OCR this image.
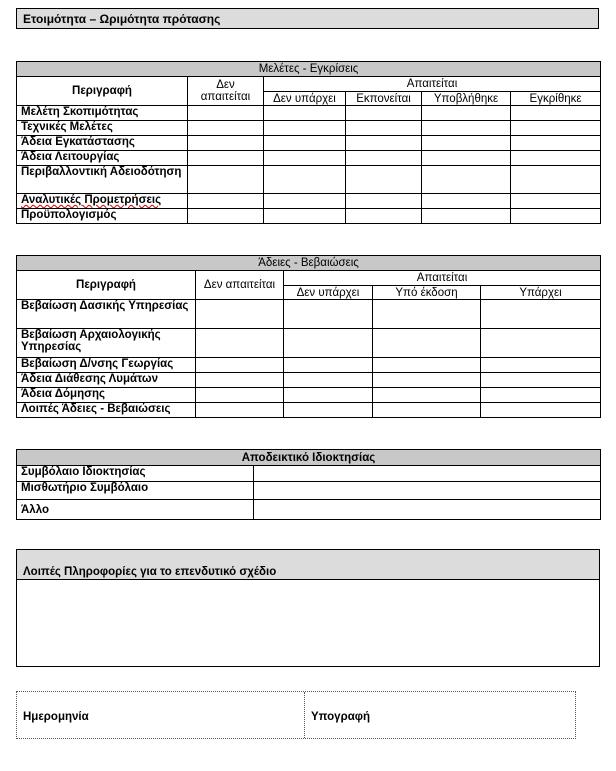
Ετοιμότητα – Ωριμότητα πρότασης
Μελέτες - Εγκρίσεις					
Περιγραφή	Δεν απαιτείται	Απαιτείται			
		Δεν υπάρχει	Εκπονείται	Υποβλήθηκε	Εγκρίθηκε
Μελέτη Σκοπιμότητας					
Τεχνικές Μελέτες					
Άδεια Εγκατάστασης					
Άδεια Λειτουργίας					
Περιβαλλοντική Αδειοδότηση					
Αναλυτικές Προμετρήσεις					
Προϋπολογισμός					
Άδειες - Βεβαιώσεις				
Περιγραφή	Δεν απαιτείται	Απαιτείται		
		Δεν υπάρχει	Υπό έκδοση	Υπάρχει
Βεβαίωση Δασικής Υπηρεσίας				
Βεβαίωση Αρχαιολογικής Υπηρεσίας				
Βεβαίωση Δ/νσης Γεωργίας				
Άδεια Διάθεσης Λυμάτων				
Άδεια Δόμησης				
Λοιπές Άδειες - Βεβαιώσεις				
Αποδεικτικό Ιδιοκτησίας	
Συμβόλαιο Ιδιοκτησίας	
Μισθωτήριο Συμβόλαιο	
Άλλο	
Λοιπές Πληροφορίες για το επενδυτικό σχέδιο
Ημερομηνία	Υπογραφή
